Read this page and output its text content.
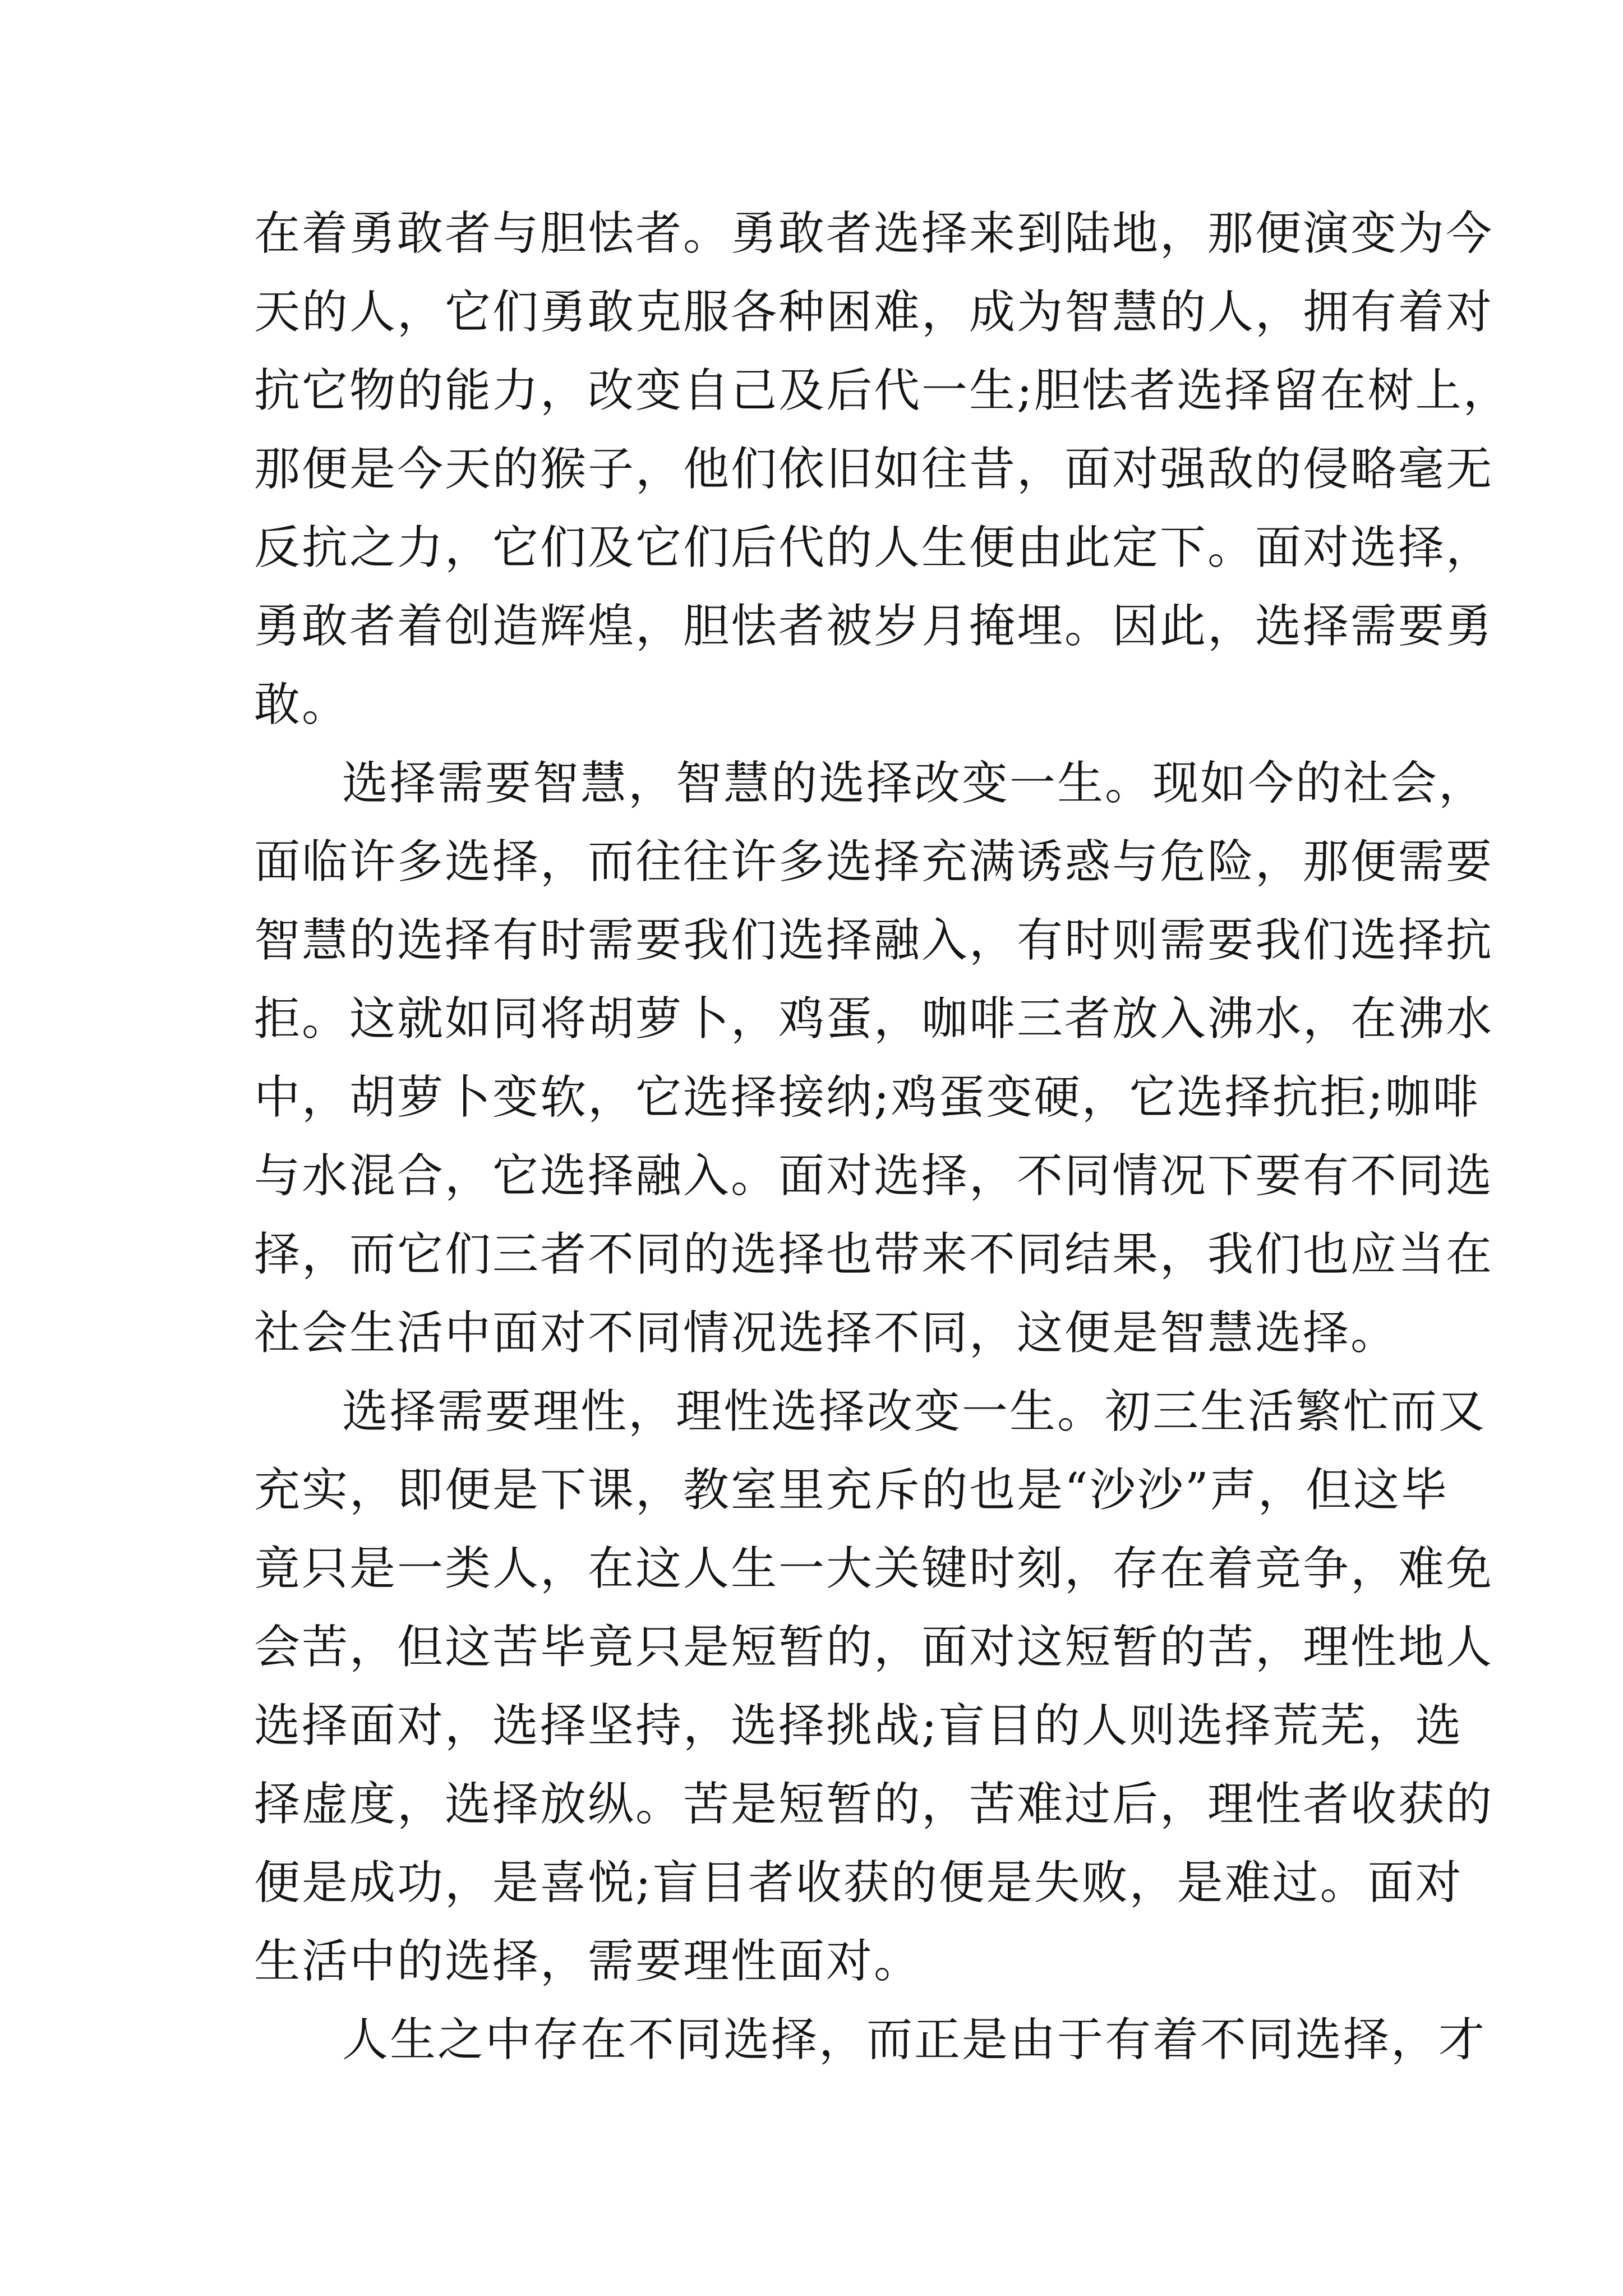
在着勇敢者与胆怯者。勇敢者选择来到陆地，那便演变为今
天的人，它们勇敢克服各种困难，成为智慧的人，拥有着对
抗它物的能力，改变自己及后代一生;胆怯者选择留在树上，
那便是今天的猴子，他们依旧如往昔，面对强敌的侵略毫无
反抗之力，它们及它们后代的人生便由此定下。面对选择，
勇敢者着创造辉煌，胆怯者被岁月掩埋。因此，选择需要勇
敢。
选择需要智慧，智慧的选择改变一生。现如今的社会，
面临许多选择，而往往许多选择充满诱惑与危险，那便需要
智慧的选择有时需要我们选择融入，有时则需要我们选择抗
拒。这就如同将胡萝卜，鸡蛋，咖啡三者放入沸水，在沸水
中，胡萝卜变软，它选择接纳;鸡蛋变硬，它选择抗拒;咖啡
与水混合，它选择融入。面对选择，不同情况下要有不同选
择，而它们三者不同的选择也带来不同结果，我们也应当在
社会生活中面对不同情况选择不同，这便是智慧选择。
选择需要理性，理性选择改变一生。初三生活繁忙而又
充实，即便是下课，教室里充斥的也是“沙沙”声，但这毕
竟只是一类人，在这人生一大关键时刻，存在着竞争，难免
会苦，但这苦毕竟只是短暂的，面对这短暂的苦，理性地人
选择面对，选择坚持，选择挑战;盲目的人则选择荒芜，选
择虚度，选择放纵。苦是短暂的，苦难过后，理性者收获的
便是成功，是喜悦;盲目者收获的便是失败，是难过。面对
生活中的选择，需要理性面对。
人生之中存在不同选择，而正是由于有着不同选择，才
